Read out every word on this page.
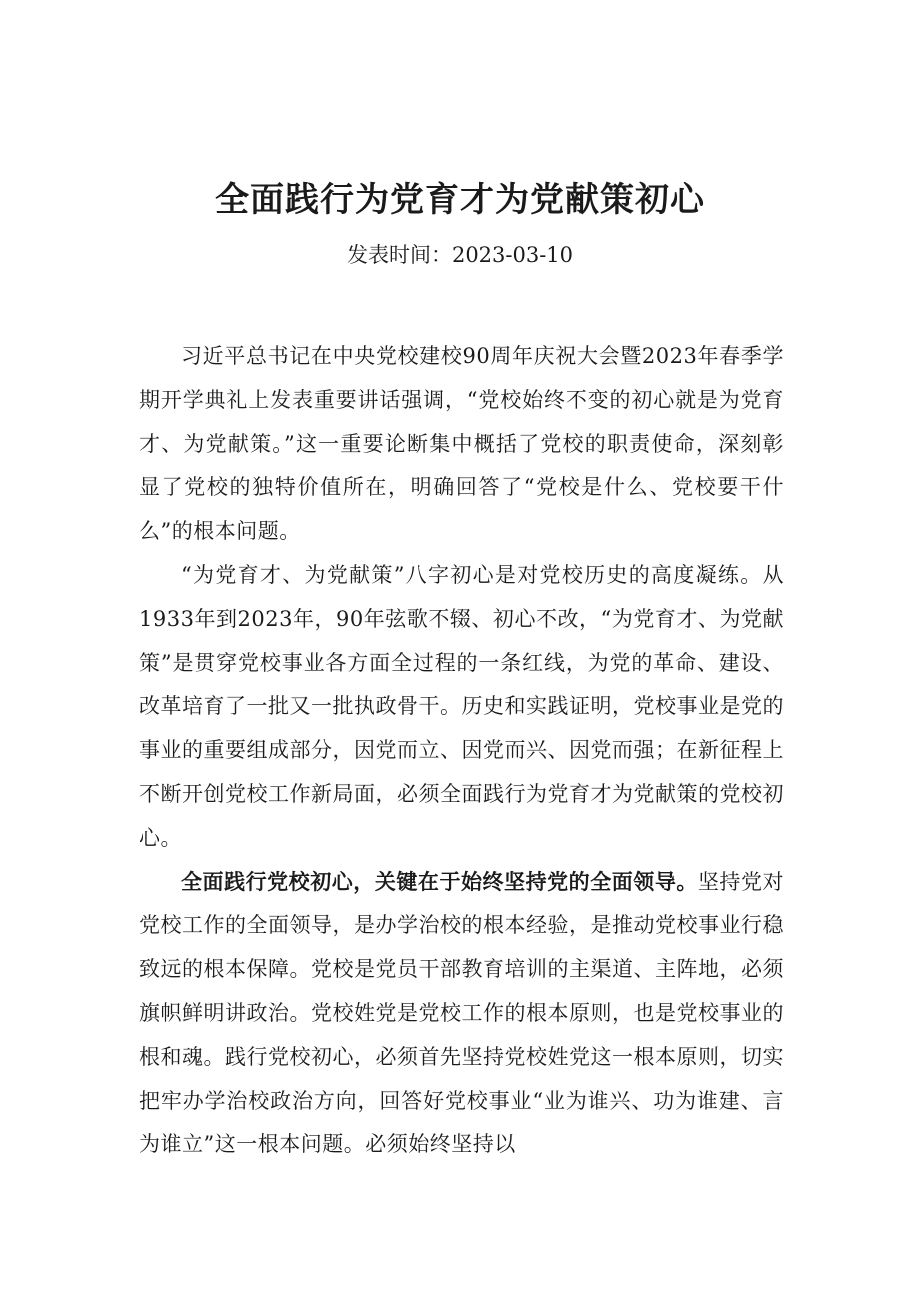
全面践行为党育才为党献策初心
发表时间：2023-03-10

习近平总书记在中央党校建校90周年庆祝大会暨2023年春季学期开学典礼上发表重要讲话强调，“党校始终不变的初心就是为党育才、为党献策。”这一重要论断集中概括了党校的职责使命，深刻彰显了党校的独特价值所在，明确回答了“党校是什么、党校要干什么”的根本问题。

“为党育才、为党献策”八字初心是对党校历史的高度凝练。从1933年到2023年，90年弦歌不辍、初心不改，“为党育才、为党献策”是贯穿党校事业各方面全过程的一条红线，为党的革命、建设、改革培育了一批又一批执政骨干。历史和实践证明，党校事业是党的事业的重要组成部分，因党而立、因党而兴、因党而强；在新征程上不断开创党校工作新局面，必须全面践行为党育才为党献策的党校初心。

全面践行党校初心，关键在于始终坚持党的全面领导。坚持党对党校工作的全面领导，是办学治校的根本经验，是推动党校事业行稳致远的根本保障。党校是党员干部教育培训的主渠道、主阵地，必须旗帜鲜明讲政治。党校姓党是党校工作的根本原则，也是党校事业的根和魂。践行党校初心，必须首先坚持党校姓党这一根本原则，切实把牢办学治校政治方向，回答好党校事业“业为谁兴、功为谁建、言为谁立”这一根本问题。必须始终坚持以
